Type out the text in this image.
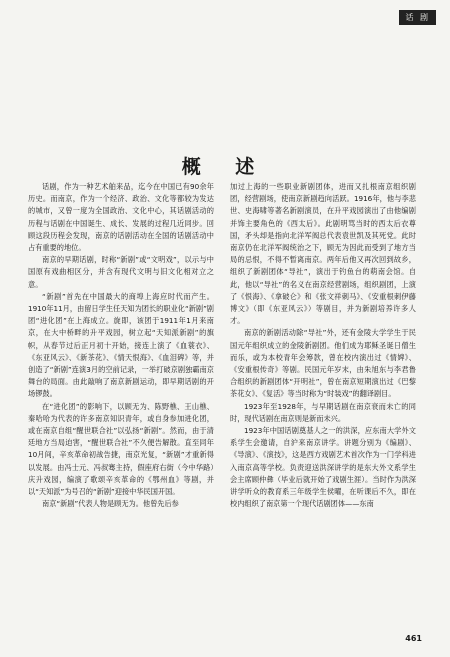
话 剧
概 述

话剧，作为一种艺术舶来品，迄今在中国已有90余年历史。而南京，作为一个经济、政治、文化等都较为发达的城市，又曾一度为全国政治、文化中心，其话剧活动的历程与话剧在中国诞生、成长、发展的过程几近同步。回顾这段历程会发现，南京的话剧活动在全国的话剧活动中占有重要的地位。

南京的早期话剧，时称“新剧”或“文明戏”，以示与中国原有戏曲相区分，并含有现代文明与旧文化相对立之意。

“新剧”首先在中国最大的商埠上海应时代而产生。1910年11月，由留日学生任天知为团长的职业化“新剧”剧团“进化团”在上海成立。旋即，该团于1911年1月来南京，在大中桥畔的升平戏园，树立起“天知派新剧”的旗帜，从春节过后正月初十开始，接连上演了《血蓑衣》、《东亚风云》、《新茶花》、《情天恨海》、《血泪碑》等，并创造了“新剧”连演3月的空前记录，一举打破京剧独霸南京舞台的局面。由此敲响了南京新剧运动，即早期话剧的开场锣鼓。

在“进化团”的影响下，以顾无为、陈野樵、王山樵、秦哈哈为代表的许多南京知识青年，或自身参加进化团，或在南京自组“醒世联合社”以弘扬“新剧”。然而，由于清廷地方当局迫害，“醒世联合社”不久便告解散。直至同年10月间，辛亥革命初战告捷，南京光复，“新剧”才重新得以发展。由冯士元、冯叔骞主持，假座府右街（今中华路）庆升戏园，编演了歌颂辛亥革命的《鄂州血》等剧，并以“天知派”为号召的“新剧”迎接中华民国开国。

南京“新剧”代表人物是顾无为。他曾先后参

加过上海的一些职业新剧团体，进而又扎根南京组织剧团，经营剧场，使南京新剧趋向活跃。1916年，他与李悲世、史海啸等著名新剧演员，在升平戏园演出了由他编剧并饰主要角色的《西太后》。此剧明骂当时的西太后衣尊国，矛头却是指向北洋军阀总代表袁世凯及其死党。此时南京仍在北洋军阀统治之下，顾无为因此而受到了地方当局的忌恨，不得不暂离南京。两年后他又再次回到故乡，组织了新剧团体“导社”，演出于钓鱼台的萌南会馆。自此，他以“导社”的名义在南京经营剧场，组织剧团，上演了《恨海》、《拿破仑》和《张文祥刺马》、《安重根刺伊藤博文》（即《东亚风云》）等剧目，并为新剧培养许多人才。

南京的新剧活动除“导社”外，还有金陵大学学生于民国元年组织成立的金陵新剧团。他们成为耶稣圣诞日僧生而乐，或为本校青年会筹款，曾在校内演出过《情婢》、《安重根传奇》等剧。民国元年岁末，由朱旭东与李君鲁合组织的新剧团体“开明社”，曾在南京短期演出过《巴黎茶花女》、《复活》等当时称为“时装戏”的翻译剧目。

1923年至1928年，与早期话剧在南京衰而未亡的同时，现代话剧在南京则是新而未兴。

1923年中国话剧奠基人之一的洪深，应东南大学外文系学生会邀请，自沪来南京讲学。讲题分别为《编剧》、《导演》、《演技》，这是西方戏剧艺术首次作为一门学科进入南京高等学校。负责迎送洪深讲学的是东大外文系学生会主席顾仲彝（毕业后就开始了戏剧生涯）。当时作为洪深讲学听众的教育系三年级学生侯曜，在听课后不久，即在校内组织了南京第一个现代话剧团体——东南

461
